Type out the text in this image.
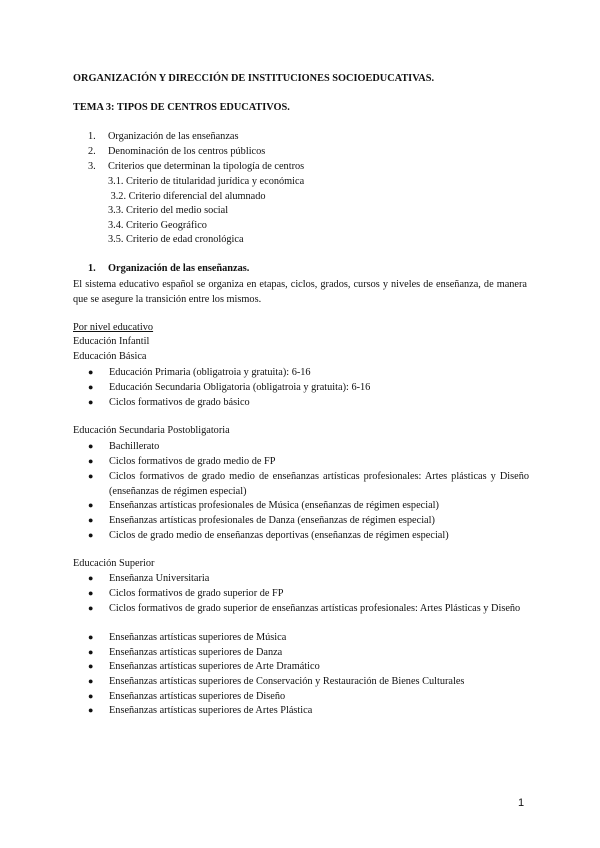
ORGANIZACIÓN Y DIRECCIÓN DE INSTITUCIONES SOCIOEDUCATIVAS.
TEMA 3: TIPOS DE CENTROS EDUCATIVOS.
1. Organización de las enseñanzas
2. Denominación de los centros públicos
3. Criterios que determinan la tipología de centros
3.1. Criterio de titularidad jurídica y económica
3.2. Criterio diferencial del alumnado
3.3. Criterio del medio social
3.4. Criterio Geográfico
3.5. Criterio de edad cronológica
1. Organización de las enseñanzas.
El sistema educativo español se organiza en etapas, ciclos, grados, cursos y niveles de enseñanza, de manera que se asegure la transición entre los mismos.
Por nivel educativo
Educación Infantil
Educación Básica
●	Educación Primaria (obligatroia y gratuita): 6-16
●	Educación Secundaria Obligatoria (obligatroia y gratuita): 6-16
●	Ciclos formativos de grado básico
Educación Secundaria Postobligatoria
●	Bachillerato
●	Ciclos formativos de grado medio de FP
●	Ciclos formativos de grado medio de enseñanzas artísticas profesionales: Artes plásticas y Diseño (enseñanzas de régimen especial)
●	Enseñanzas artísticas profesionales de Música (enseñanzas de régimen especial)
●	Enseñanzas artísticas profesionales de Danza (enseñanzas de régimen especial)
●	Ciclos de grado medio de enseñanzas deportivas (enseñanzas de régimen especial)
Educación Superior
●	Enseñanza Universitaria
●	Ciclos formativos de grado superior de FP
●	Ciclos formativos de grado superior de enseñanzas artísticas profesionales: Artes Plásticas y Diseño
●	Enseñanzas artísticas superiores de Música
●	Enseñanzas artísticas superiores de Danza
●	Enseñanzas artísticas superiores de Arte Dramático
●	Enseñanzas artísticas superiores de Conservación y Restauración de Bienes Culturales
●	Enseñanzas artísticas superiores de Diseño
●	Enseñanzas artísticas superiores de Artes Plástica
1
